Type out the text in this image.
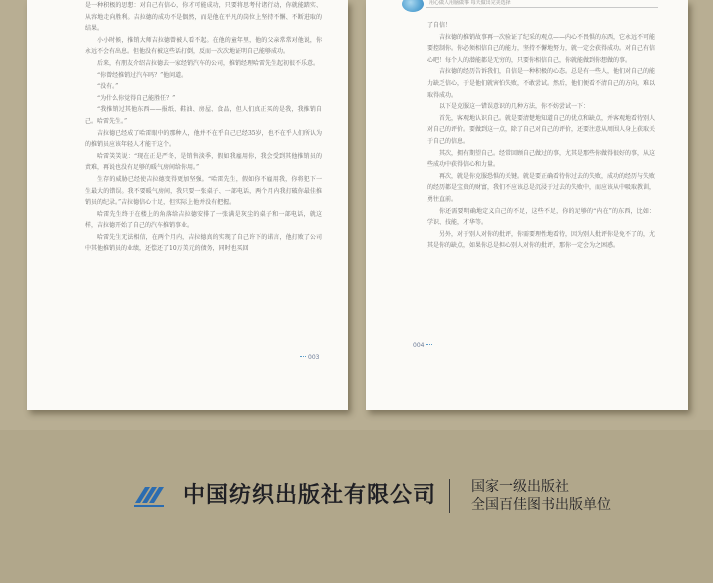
是一种积极的思想：对自己有信心，你才可能成功，只要将思考付诸行动，你就能踏实、从容地走向胜利。吉拉德的成功不是偶然，而是他在平凡的岗位上坚持不懈、不断进取的结果。

小小时候，推销大师吉拉德曾被人看不起。在他的童年里，他的父亲常常对他说，你永远不会有出息。但他没有被这些话打倒，反而一次次地证明自己能够成功。

后来，有朋友介绍吉拉德去一家经销汽车的公司，推销经理哈雷先生起初很不乐意。

“你曾经推销过汽车吗？”他问道。

“没有。”

“为什么你觉得自己能胜任？”

“我推销过其他东西——报纸、鞋油、房屋、食品，但人们真正买的是我，我推销自己。哈雷先生。”

吉拉德已经成了哈雷眼中的那种人，他并不在乎自己已经35岁，也不在乎人们所认为的推销员应该年轻人才能干这个。

哈雷笑笑说：“现在正是严冬，是销售淡季，假如我雇用你，我会受到其他推销员的责难，再说也没有足够的暖气房间给你用。”

生存的威胁已经使吉拉德变得更加坚强。“哈雷先生，假如你不雇用我，你将犯下一生最大的错误。我不要暖气房间，我只要一张桌子、一部电话，两个月内我打破你最佳推销员的纪录。”吉拉德信心十足，但实际上他并没有把握。

哈雷先生终于在楼上的角落给吉拉德安排了一张满是灰尘的桌子和一部电话，就这样，吉拉德开始了自己的汽车推销事业。

哈雷先生无法相信，在两个月内，吉拉德真的实现了自己许下的诺言，他打败了公司中其他推销员的业绩，还偿还了10万美元的债务，同时也买回

003
用心做人用脑做事 每天做出完美选择

了自信！

吉拉德的推销故事再一次验证了纪采的观点——内心不畏惧的东西，它永远不可能要控制你。你必须相信自己的能力，坚持不懈地努力，就一定会获得成功。对自己有信心吧！每个人的潜能都是无穷的，只要你相信自己，你就能做到你想做的事。

吉拉德的经历告诉我们，自信是一种积极的心态。总是有一些人，他们对自己的能力缺乏信心，于是他们就害怕失败，不敢尝试。然后，他们便看不清自己的方向，难以取得成功。

以下是克服这一错误意识的几种方法，你不妨尝试一下：

首先，客观地认识自己。就是要清楚地知道自己的优点和缺点，并客观地看待别人对自己的评价。要做到这一点，除了自己对自己的评价，还要注意从周围人身上获取关于自己的信息。

其次，拥有期望自己。经常回顾自己做过的事，尤其是那些你做得很好的事，从这些成功中获得信心和力量。

再次，就是你克服恐惧的关键。就是要正确看待你过去的失败，成功的经历与失败的经历都是宝贵的财富，我们不应该总是沉浸于过去的失败中，而应该从中吸取教训，勇往直前。

你还需要明确地定义自己的不足，这些不足，你的足够的“内在”的东西，比如：学识、技能，才华等。

另外，对于别人对你的批评，你需要理性地看待，因为别人批评你是免不了的，尤其是你的缺点，如果你总是担心别人对你的批评，那你一定会为之困惑。

004
中国纺织出版社有限公司 国家一级出版社
全国百佳图书出版单位
